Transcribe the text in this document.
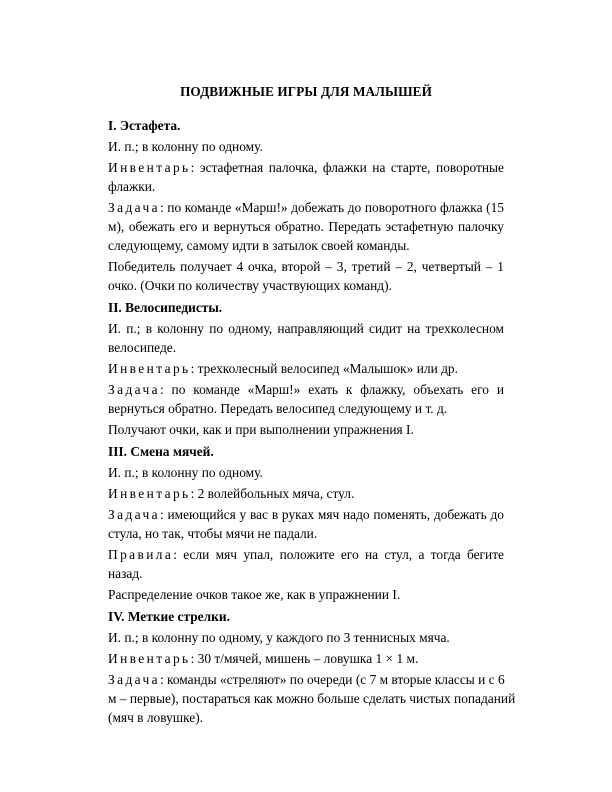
ПОДВИЖНЫЕ ИГРЫ ДЛЯ МАЛЫШЕЙ
I. Эстафета.
И. п.; в колонну по одному.
Инвентарь: эстафетная палочка, флажки на старте, поворотные
флажки.
Задача: по команде «Марш!» добежать до поворотного флажка (15
м), обежать его и вернуться обратно. Передать эстафетную палочку
следующему, самому идти в затылок своей команды.
Победитель получает 4 очка, второй – 3, третий – 2, четвертый – 1
очко. (Очки по количеству участвующих команд).
II. Велосипедисты.
И. п.; в колонну по одному, направляющий сидит на трехколесном
велосипеде.
Инвентарь: трехколесный велосипед «Малышок» или др.
Задача: по команде «Марш!» ехать к флажку, объехать его и
вернуться обратно. Передать велосипед следующему и т. д.
Получают очки, как и при выполнении упражнения I.
III. Смена мячей.
И. п.; в колонну по одному.
Инвентарь: 2 волейбольных мяча, стул.
Задача: имеющийся у вас в руках мяч надо поменять, добежать до
стула, но так, чтобы мячи не падали.
Правила: если мяч упал, положите его на стул, а тогда бегите
назад.
Распределение очков такое же, как в упражнении I.
IV. Меткие стрелки.
И. п.; в колонну по одному, у каждого по 3 теннисных мяча.
Инвентарь: 30 т/мячей, мишень – ловушка 1 × 1 м.
Задача: команды «стреляют» по очереди (с 7 м вторые классы и с 6
м – первые), постараться как можно больше сделать чистых попаданий
(мяч в ловушке).
